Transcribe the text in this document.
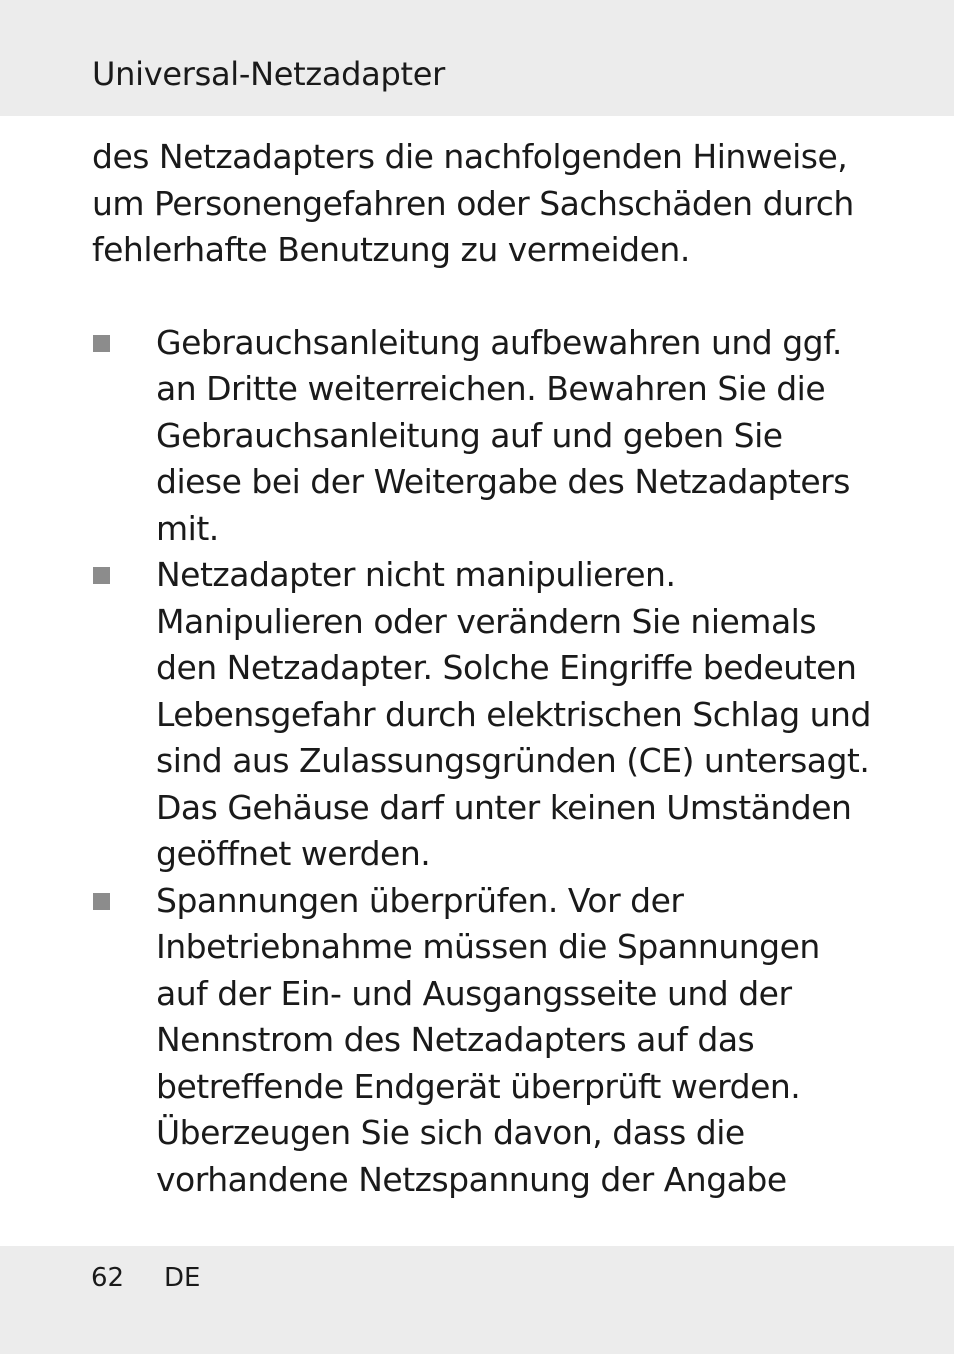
Universal-Netzadapter

des Netzadapters die nachfolgenden Hinweise,

um Personengefahren oder Sachschäden durch

fehlerhafte Benutzung zu vermeiden.

Gebrauchsanleitung aufbewahren und ggf.

an Dritte weiterreichen. Bewahren Sie die

Gebrauchsanleitung auf und geben Sie

diese bei der Weitergabe des Netzadapters

mit.

Netzadapter nicht manipulieren.

Manipulieren oder verändern Sie niemals

den Netzadapter. Solche Eingriffe bedeuten

Lebensgefahr durch elektrischen Schlag und

sind aus Zulassungsgründen (CE) untersagt.

Das Gehäuse darf unter keinen Umständen

geöffnet werden.

Spannungen überprüfen. Vor der

Inbetriebnahme müssen die Spannungen

auf der Ein- und Ausgangsseite und der

Nennstrom des Netzadapters auf das

betreffende Endgerät überprüft werden.

Überzeugen Sie sich davon, dass die

vorhandene Netzspannung der Angabe

62 DE
